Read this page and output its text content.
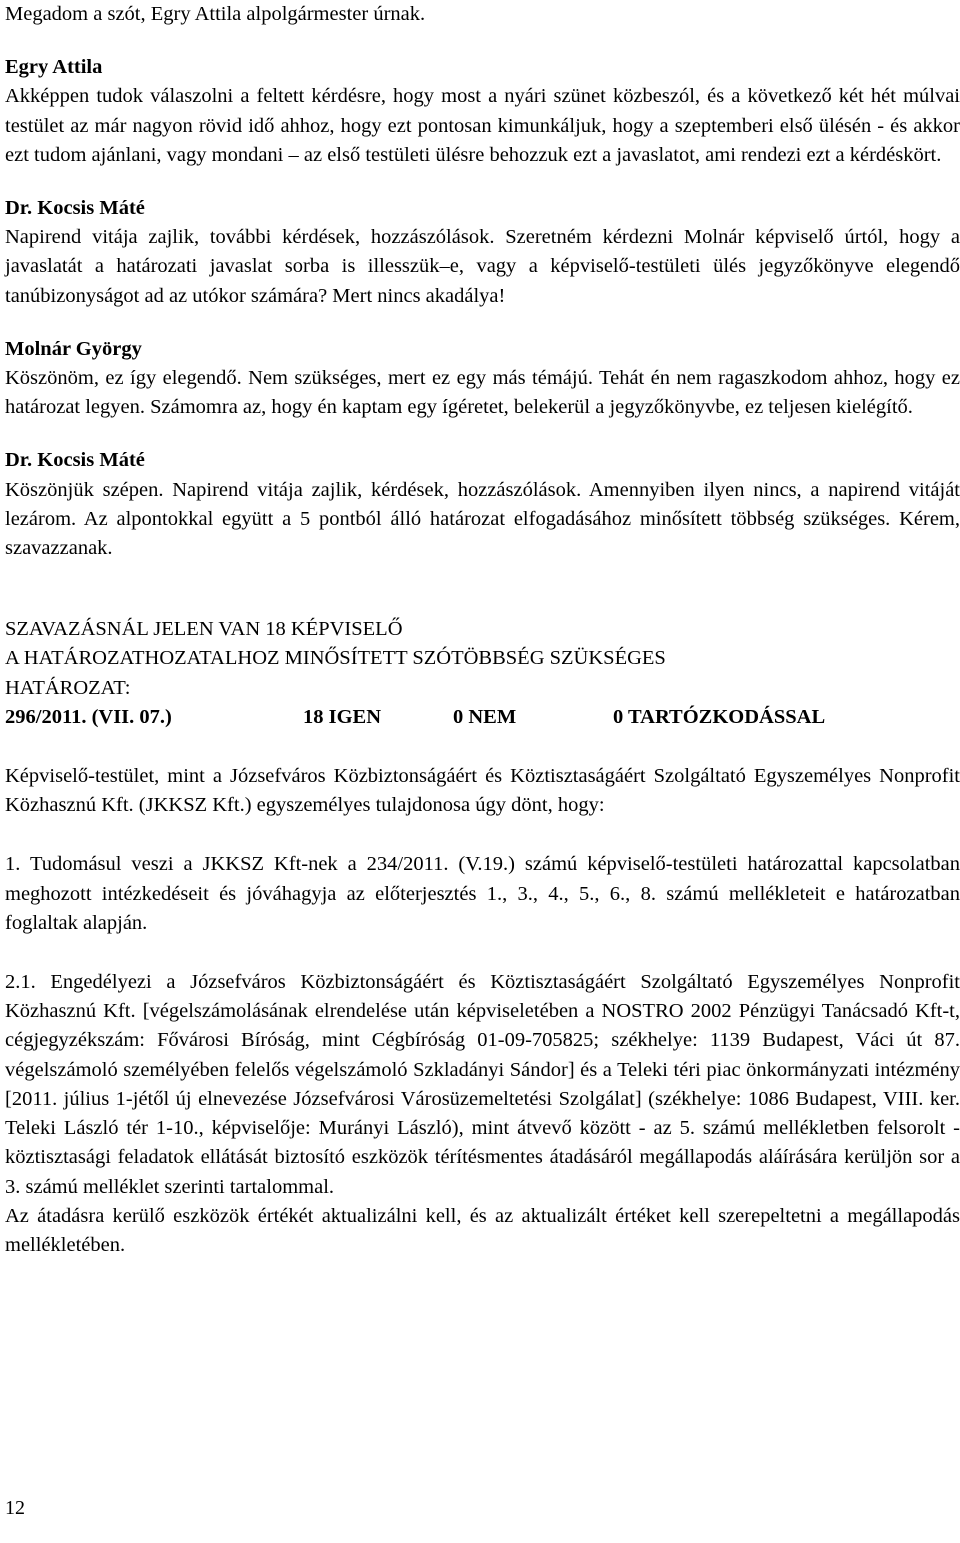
Megadom a szót, Egry Attila alpolgármester úrnak.

Egry Attila

Akképpen tudok válaszolni a feltett kérdésre, hogy most a nyári szünet közbeszól, és a következő két hét múlvai testület az már nagyon rövid idő ahhoz, hogy ezt pontosan kimunkáljuk, hogy a szeptemberi első ülésén - és akkor ezt tudom ajánlani, vagy mondani – az első testületi ülésre behozzuk ezt a javaslatot, ami rendezi ezt a kérdéskört.

Dr. Kocsis Máté

Napirend vitája zajlik, további kérdések, hozzászólások. Szeretném kérdezni Molnár képviselő úrtól, hogy a javaslatát a határozati javaslat sorba is illesszük–e, vagy a képviselő-testületi ülés jegyzőkönyve elegendő tanúbizonyságot ad az utókor számára? Mert nincs akadálya!

Molnár György

Köszönöm, ez így elegendő. Nem szükséges, mert ez egy más témájú. Tehát én nem ragaszkodom ahhoz, hogy ez határozat legyen. Számomra az, hogy én kaptam egy ígéretet, belekerül a jegyzőkönyvbe, ez teljesen kielégítő.

Dr. Kocsis Máté

Köszönjük szépen. Napirend vitája zajlik, kérdések, hozzászólások. Amennyiben ilyen nincs, a napirend vitáját lezárom. Az alpontokkal együtt a 5 pontból álló határozat elfogadásához minősített többség szükséges. Kérem, szavazzanak.

SZAVAZÁSNÁL JELEN VAN 18 KÉPVISELŐ

A HATÁROZATHOZATALHOZ MINŐSÍTETT SZÓTÖBBSÉG SZÜKSÉGES

HATÁROZAT:

296/2011. (VII. 07.)	18 IGEN	0 NEM	0 TARTÓZKODÁSSAL

Képviselő-testület, mint a Józsefváros Közbiztonságáért és Köztisztaságáért Szolgáltató Egyszemélyes Nonprofit Közhasznú Kft. (JKKSZ Kft.) egyszemélyes tulajdonosa úgy dönt, hogy:

1. Tudomásul veszi a JKKSZ Kft-nek a 234/2011. (V.19.) számú képviselő-testületi határozattal kapcsolatban meghozott intézkedéseit és jóváhagyja az előterjesztés 1., 3., 4., 5., 6., 8. számú mellékleteit e határozatban foglaltak alapján.

2.1. Engedélyezi a Józsefváros Közbiztonságáért és Köztisztaságáért Szolgáltató Egyszemélyes Nonprofit Közhasznú Kft. [végelszámolásának elrendelése után képviseletében a NOSTRO 2002 Pénzügyi Tanácsadó Kft-t, cégjegyzékszám: Fővárosi Bíróság, mint Cégbíróság 01-09-705825; székhelye: 1139 Budapest, Váci út 87. végelszámoló személyében felelős végelszámoló Szkladányi Sándor] és a Teleki téri piac önkormányzati intézmény [2011. július 1-jétől új elnevezése Józsefvárosi Városüzemeltetési Szolgálat] (székhelye: 1086 Budapest, VIII. ker. Teleki László tér 1-10., képviselője: Murányi László), mint átvevő között - az 5. számú mellékletben felsorolt - köztisztasági feladatok ellátását biztosító eszközök térítésmentes átadásáról megállapodás aláírására kerüljön sor a 3. számú melléklet szerinti tartalommal.

Az átadásra kerülő eszközök értékét aktualizálni kell, és az aktualizált értéket kell szerepeltetni a megállapodás mellékletében.

12
